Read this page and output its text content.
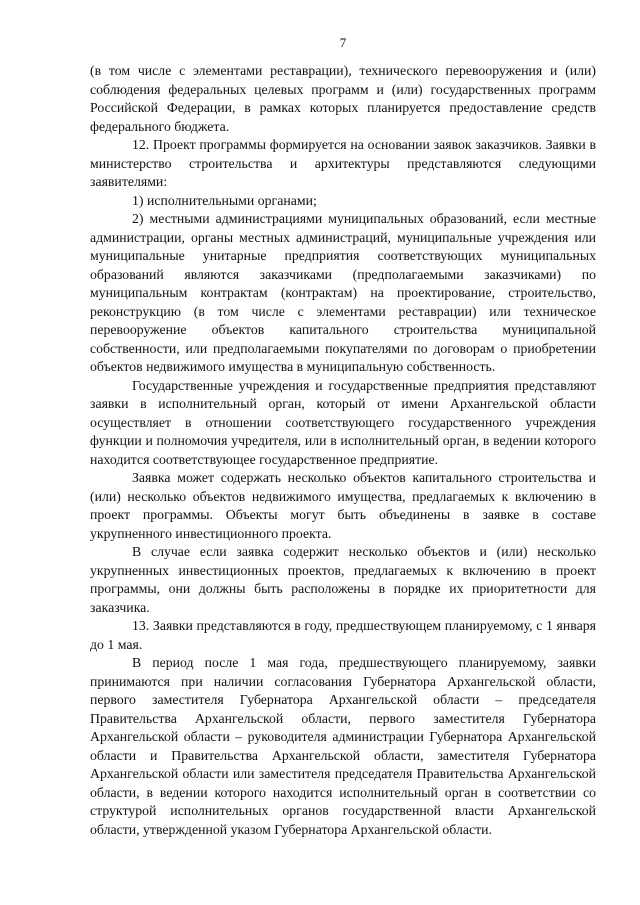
7

(в том числе с элементами реставрации), технического перевооружения и (или) соблюдения федеральных целевых программ и (или) государственных программ Российской Федерации, в рамках которых планируется предоставление средств федерального бюджета.

12. Проект программы формируется на основании заявок заказчиков. Заявки в министерство строительства и архитектуры представляются следующими заявителями:

1) исполнительными органами;

2) местными администрациями муниципальных образований, если местные администрации, органы местных администраций, муниципальные учреждения или муниципальные унитарные предприятия соответствующих муниципальных образований являются заказчиками (предполагаемыми заказчиками) по муниципальным контрактам (контрактам) на проектирование, строительство, реконструкцию (в том числе с элементами реставрации) или техническое перевооружение объектов капитального строительства муниципальной собственности, или предполагаемыми покупателями по договорам о приобретении объектов недвижимого имущества в муниципальную собственность.

Государственные учреждения и государственные предприятия представляют заявки в исполнительный орган, который от имени Архангельской области осуществляет в отношении соответствующего государственного учреждения функции и полномочия учредителя, или в исполнительный орган, в ведении которого находится соответствующее государственное предприятие.

Заявка может содержать несколько объектов капитального строительства и (или) несколько объектов недвижимого имущества, предлагаемых к включению в проект программы. Объекты могут быть объединены в заявке в составе укрупненного инвестиционного проекта.

В случае если заявка содержит несколько объектов и (или) несколько укрупненных инвестиционных проектов, предлагаемых к включению в проект программы, они должны быть расположены в порядке их приоритетности для заказчика.

13. Заявки представляются в году, предшествующем планируемому, с 1 января до 1 мая.

В период после 1 мая года, предшествующего планируемому, заявки принимаются при наличии согласования Губернатора Архангельской области, первого заместителя Губернатора Архангельской области – председателя Правительства Архангельской области, первого заместителя Губернатора Архангельской области – руководителя администрации Губернатора Архангельской области и Правительства Архангельской области, заместителя Губернатора Архангельской области или заместителя председателя Правительства Архангельской области, в ведении которого находится исполнительный орган в соответствии со структурой исполнительных органов государственной власти Архангельской области, утвержденной указом Губернатора Архангельской области.
